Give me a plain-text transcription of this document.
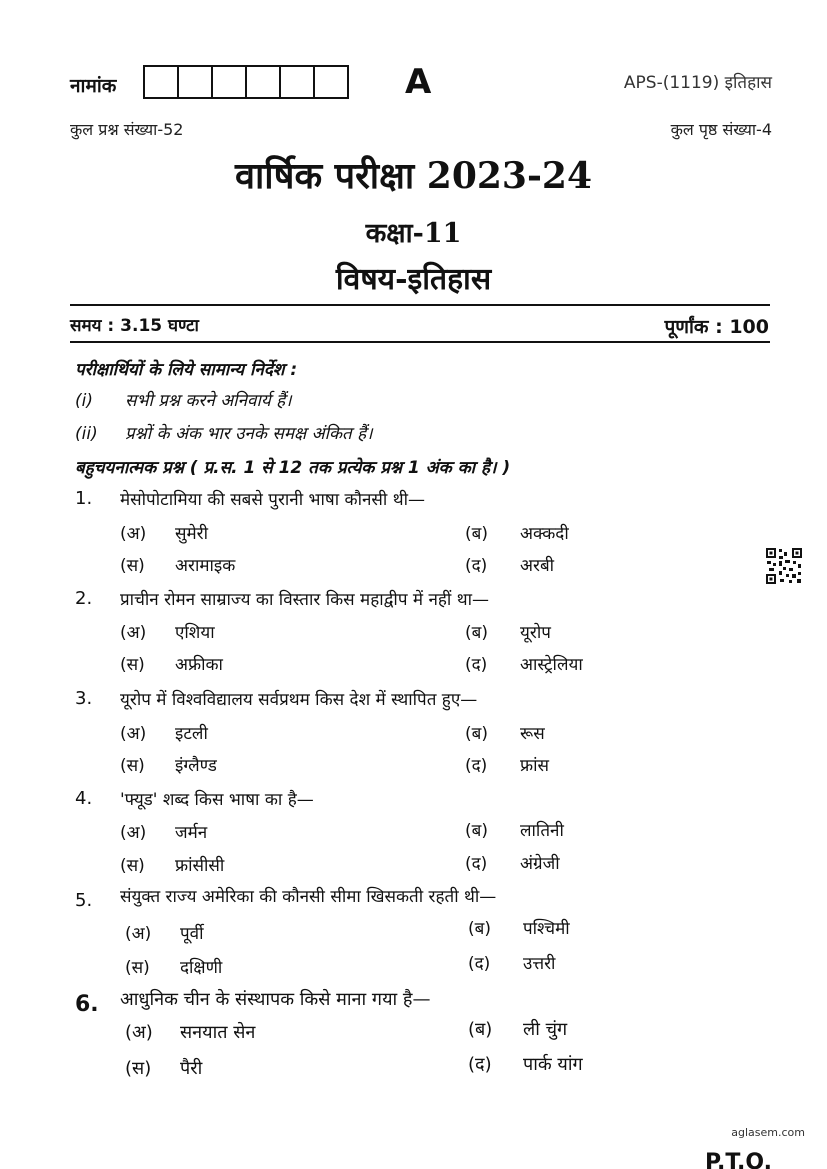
नामांक	A	APS-(1119) इतिहास
कुल प्रश्न संख्या-52	कुल पृष्ठ संख्या-4
वार्षिक परीक्षा 2023-24
कक्षा-11
विषय-इतिहास
समय : 3.15 घण्टा	पूर्णांक : 100
परीक्षार्थियों के लिये सामान्य निर्देश :
(i) सभी प्रश्न करने अनिवार्य हैं।
(ii) प्रश्नों के अंक भार उनके समक्ष अंकित हैं।
बहुचयनात्मक प्रश्न ( प्र.स. 1 से 12 तक प्रत्येक प्रश्न 1 अंक का है। )
1. मेसोपोटामिया की सबसे पुरानी भाषा कौनसी थी—
(अ) सुमेरी	(ब) अक्कदी
(स) अरामाइक	(द) अरबी
2. प्राचीन रोमन साम्राज्य का विस्तार किस महाद्वीप में नहीं था—
(अ) एशिया	(ब) यूरोप
(स) अफ्रीका	(द) आस्ट्रेलिया
3. यूरोप में विश्वविद्यालय सर्वप्रथम किस देश में स्थापित हुए—
(अ) इटली	(ब) रूस
(स) इंग्लैण्ड	(द) फ्रांस
4. 'फ्यूड' शब्द किस भाषा का है—
(अ) जर्मन	(ब) लातिनी
(स) फ्रांसीसी	(द) अंग्रेजी
5. संयुक्त राज्य अमेरिका की कौनसी सीमा खिसकती रहती थी—
(अ) पूर्वी	(ब) पश्चिमी
(स) दक्षिणी	(द) उत्तरी
6. आधुनिक चीन के संस्थापक किसे माना गया है—
(अ) सनयात सेन	(ब) ली चुंग
(स) पैरी	(द) पार्क यांग
aglasem.com
P.T.O.
